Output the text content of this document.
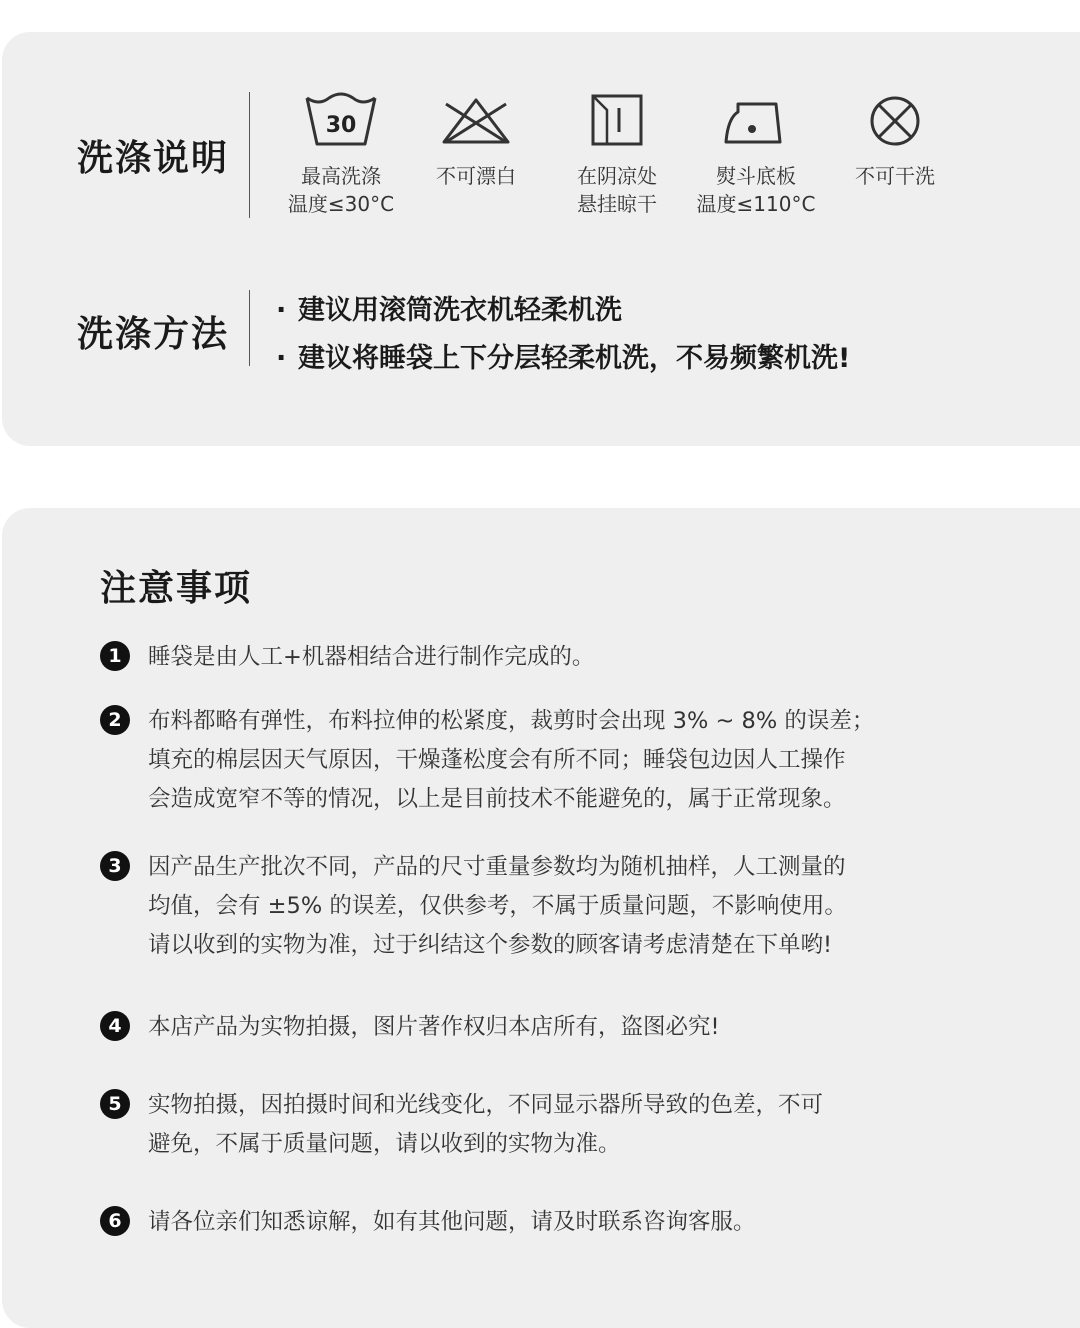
洗涤说明
30
最高洗涤
温度≤30°C
不可漂白	在阴凉处
悬挂晾干
熨斗底板
温度≤110°C
不可干洗
洗涤方法
· 建议用滚筒洗衣机轻柔机洗
· 建议将睡袋上下分层轻柔机洗，不易频繁机洗!
注意事项
1	睡袋是由人工+机器相结合进行制作完成的。
2	布料都略有弹性，布料拉伸的松紧度，裁剪时会出现 3% ~ 8% 的误差；
填充的棉层因天气原因，干燥蓬松度会有所不同；睡袋包边因人工操作
会造成宽窄不等的情况，以上是目前技术不能避免的，属于正常现象。
3	因产品生产批次不同，产品的尺寸重量参数均为随机抽样，人工测量的
均值，会有 ±5% 的误差，仅供参考，不属于质量问题，不影响使用。
请以收到的实物为准，过于纠结这个参数的顾客请考虑清楚在下单哟!
4	本店产品为实物拍摄，图片著作权归本店所有，盗图必究!
5	实物拍摄，因拍摄时间和光线变化，不同显示器所导致的色差，不可
避免，不属于质量问题，请以收到的实物为准。
6	请各位亲们知悉谅解，如有其他问题，请及时联系咨询客服。
